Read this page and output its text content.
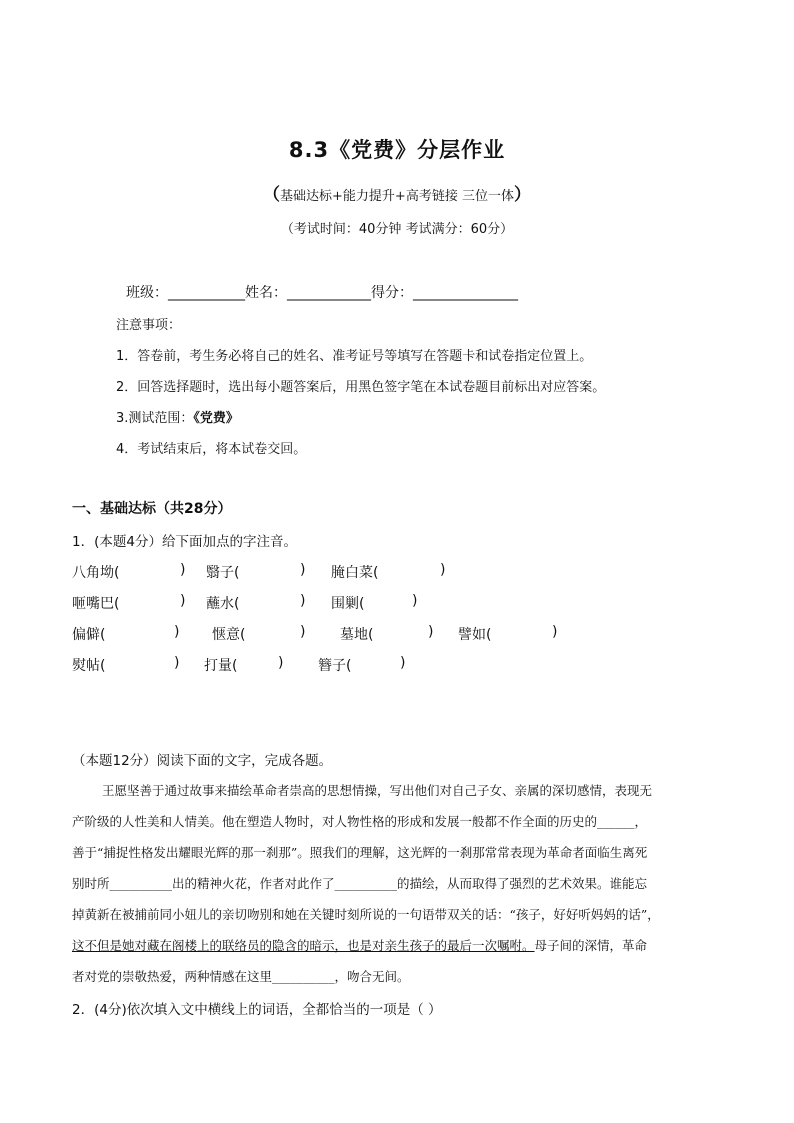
8.3《党费》分层作业
（基础达标+能力提升+高考链接 三位一体）
（考试时间：40分钟 考试满分：60分）
班级：___________姓名：____________得分：_______________
注意事项：
1．答卷前，考生务必将自己的姓名、准考证号等填写在答题卡和试卷指定位置上。
2．回答选择题时，选出每小题答案后，用黑色签字笔在本试卷题目前标出对应答案。
3.测试范围：《党费》
4．考试结束后，将本试卷交回。
一、基础达标（共28分）
1．(本题4分）给下面加点的字注音。
八角坳(	) 翳子(	) 腌白菜(	)
咂嘴巴(	) 蘸水(	) 围剿(	)
偏僻(	) 惬意(	) 墓地(	) 譬如(	)
熨帖(	) 打量(	) 簪子(	)
（本题12分）阅读下面的文字，完成各题。
王愿坚善于通过故事来描绘革命者崇高的思想情操，写出他们对自己子女、亲属的深切感情，表现无
产阶级的人性美和人情美。他在塑造人物时，对人物性格的形成和发展一般都不作全面的历史的______，
善于“捕捉性格发出耀眼光辉的那一刹那”。照我们的理解，这光辉的一刹那常常表现为革命者面临生离死
别时所__________出的精神火花，作者对此作了__________的描绘，从而取得了强烈的艺术效果。谁能忘
掉黄新在被捕前同小妞儿的亲切吻别和她在关键时刻所说的一句语带双关的话：“孩子，好好听妈妈的话”，
这不但是她对藏在阁楼上的联络员的隐含的暗示，也是对亲生孩子的最后一次嘱咐。母子间的深情，革命
者对党的崇敬热爱，两种情感在这里__________，吻合无间。
2．(4分)依次填入文中横线上的词语，全都恰当的一项是（ ）
